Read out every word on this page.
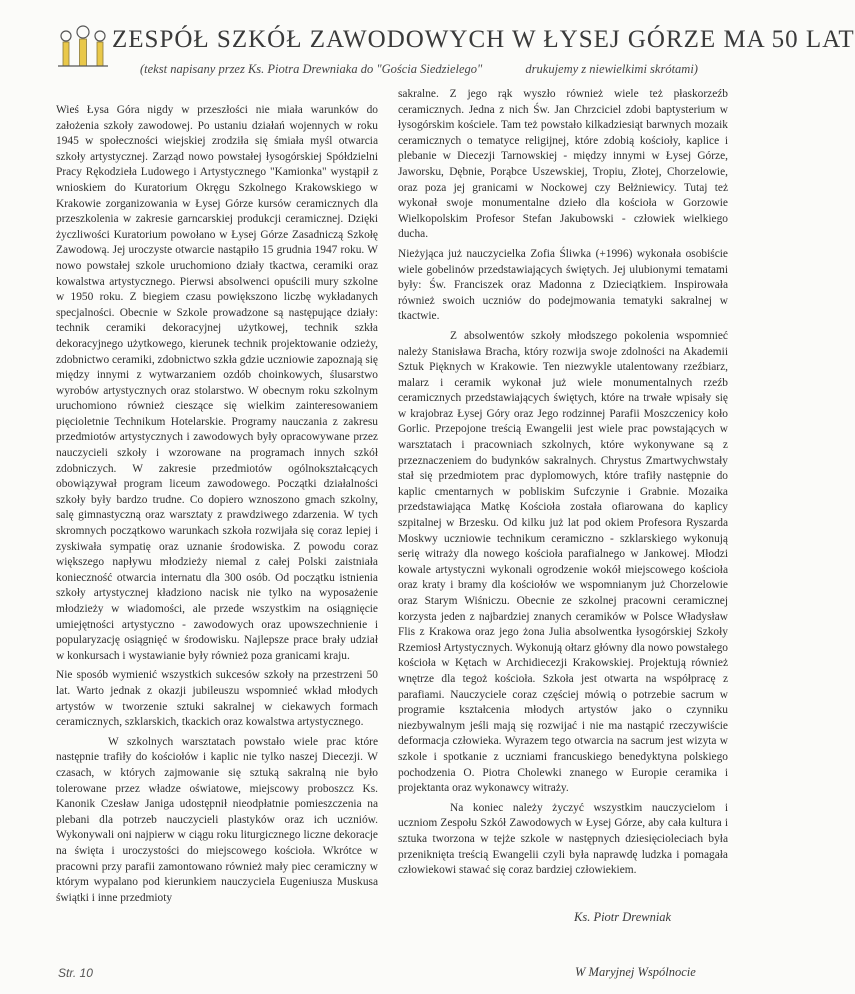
ZESPÓŁ SZKÓŁ ZAWODOWYCH W ŁYSEJ GÓRZE MA 50 LAT
(tekst napisany przez Ks. Piotra Drewniaka do "Gościa Siedzielego"	drukujemy z niewielkimi skrótami)

Wieś Łysa Góra nigdy w przeszłości nie miała warunków do założenia szkoły zawodowej. Po ustaniu działań wojennych w roku 1945 w społeczności wiejskiej zrodziła się śmiała myśl otwarcia szkoły artystycznej. Zarząd nowo powstałej łysogórskiej Spółdzielni Pracy Rękodzieła Ludowego i Artystycznego "Kamionka" wystąpił z wnioskiem do Kuratorium Okręgu Szkolnego Krakowskiego w Krakowie zorganizowania w Łysej Górze kursów ceramicznych dla przeszkolenia w zakresie garncarskiej produkcji ceramicznej. Dzięki życzliwości Kuratorium powołano w Łysej Górze Zasadniczą Szkołę Zawodową. Jej uroczyste otwarcie nastąpiło 15 grudnia 1947 roku. W nowo powstałej szkole uruchomiono działy tkactwa, ceramiki oraz kowalstwa artystycznego. Pierwsi absolwenci opuścili mury szkolne w 1950 roku. Z biegiem czasu powiększono liczbę wykładanych specjalności. Obecnie w Szkole prowadzone są następujące działy: technik ceramiki dekoracyjnej użytkowej, technik szkła dekoracyjnego użytkowego, kierunek technik projektowanie odzieży, zdobnictwo ceramiki, zdobnictwo szkła gdzie uczniowie zapoznają się między innymi z wytwarzaniem ozdób choinkowych, ślusarstwo wyrobów artystycznych oraz stolarstwo. W obecnym roku szkolnym uruchomiono również cieszące się wielkim zainteresowaniem pięcioletnie Technikum Hotelarskie. Programy nauczania z zakresu przedmiotów artystycznych i zawodowych były opracowywane przez nauczycieli szkoły i wzorowane na programach innych szkół zdobniczych. W zakresie przedmiotów ogólnokształcących obowiązywał program liceum zawodowego. Początki działalności szkoły były bardzo trudne. Co dopiero wznoszono gmach szkolny, salę gimnastyczną oraz warsztaty z prawdziwego zdarzenia. W tych skromnych początkowo warunkach szkoła rozwijała się coraz lepiej i zyskiwała sympatię oraz uznanie środowiska. Z powodu coraz większego napływu młodzieży niemal z całej Polski zaistniała konieczność otwarcia internatu dla 300 osób. Od początku istnienia szkoły artystycznej kładziono nacisk nie tylko na wyposażenie młodzieży w wiadomości, ale przede wszystkim na osiągnięcie umiejętności artystyczno - zawodowych oraz upowszechnienie i popularyzację osiągnięć w środowisku. Najlepsze prace brały udział w konkursach i wystawianie były również poza granicami kraju.

Nie sposób wymienić wszystkich sukcesów szkoły na przestrzeni 50 lat. Warto jednak z okazji jubileuszu wspomnieć wkład młodych artystów w tworzenie sztuki sakralnej w ciekawych formach ceramicznych, szklarskich, tkackich oraz kowalstwa artystycznego.

W szkolnych warsztatach powstało wiele prac które następnie trafiły do kościołów i kaplic nie tylko naszej Diecezji. W czasach, w których zajmowanie się sztuką sakralną nie było tolerowane przez władze oświatowe, miejscowy proboszcz Ks. Kanonik Czesław Janiga udostępnił nieodpłatnie pomieszczenia na plebani dla potrzeb nauczycieli plastyków oraz ich uczniów. Wykonywali oni najpierw w ciągu roku liturgicznego liczne dekoracje na święta i uroczystości do miejscowego kościoła. Wkrótce w pracowni przy parafii zamontowano również mały piec ceramiczny w którym wypalano pod kierunkiem nauczyciela Eugeniusza Muskusa świątki i inne przedmioty

sakralne. Z jego rąk wyszło również wiele też płaskorzeźb ceramicznych. Jedna z nich Św. Jan Chrzciciel zdobi baptysterium w łysogórskim kościele. Tam też powstało kilkadziesiąt barwnych mozaik ceramicznych o tematyce religijnej, które zdobią kościoły, kaplice i plebanie w Diecezji Tarnowskiej - między innymi w Łysej Górze, Jaworsku, Dębnie, Porąbce Uszewskiej, Tropiu, Złotej, Chorzelowie, oraz poza jej granicami w Nockowej czy Bełżniewicy. Tutaj też wykonał swoje monumentalne dzieło dla kościoła w Gorzowie Wielkopolskim Profesor Stefan Jakubowski - człowiek wielkiego ducha.

Nieżyjąca już nauczycielka Zofia Śliwka (+1996) wykonała osobiście wiele gobelinów przedstawiających świętych. Jej ulubionymi tematami były: Św. Franciszek oraz Madonna z Dzieciątkiem. Inspirowała również swoich uczniów do podejmowania tematyki sakralnej w tkactwie.

Z absolwentów szkoły młodszego pokolenia wspomnieć należy Stanisława Bracha, który rozwija swoje zdolności na Akademii Sztuk Pięknych w Krakowie. Ten niezwykle utalentowany rzeźbiarz, malarz i ceramik wykonał już wiele monumentalnych rzeźb ceramicznych przedstawiających świętych, które na trwałe wpisały się w krajobraz Łysej Góry oraz Jego rodzinnej Parafii Moszczenicy koło Gorlic. Przepojone treścią Ewangelii jest wiele prac powstających w warsztatach i pracowniach szkolnych, które wykonywane są z przeznaczeniem do budynków sakralnych. Chrystus Zmartwychwstały stał się przedmiotem prac dyplomowych, które trafiły następnie do kaplic cmentarnych w pobliskim Sufczynie i Grabnie. Mozaika przedstawiająca Matkę Kościoła została ofiarowana do kaplicy szpitalnej w Brzesku. Od kilku już lat pod okiem Profesora Ryszarda Moskwy uczniowie technikum ceramiczno - szklarskiego wykonują serię witraży dla nowego kościoła parafialnego w Jankowej. Młodzi kowale artystyczni wykonali ogrodzenie wokół miejscowego kościoła oraz kraty i bramy dla kościołów we wspomnianym już Chorzelowie oraz Starym Wiśniczu. Obecnie ze szkolnej pracowni ceramicznej korzysta jeden z najbardziej znanych ceramików w Polsce Władysław Flis z Krakowa oraz jego żona Julia absolwentka łysogórskiej Szkoły Rzemiosł Artystycznych. Wykonują ołtarz główny dla nowo powstałego kościoła w Kętach w Archidiecezji Krakowskiej. Projektują również wnętrze dla tegoż kościoła. Szkoła jest otwarta na współpracę z parafiami. Nauczyciele coraz częściej mówią o potrzebie sacrum w programie kształcenia młodych artystów jako o czynniku niezbywalnym jeśli mają się rozwijać i nie ma nastąpić rzeczywiście deformacja człowieka. Wyrazem tego otwarcia na sacrum jest wizyta w szkole i spotkanie z uczniami francuskiego benedyktyna polskiego pochodzenia O. Piotra Cholewki znanego w Europie ceramika i projektanta oraz wykonawcy witraży.

Na koniec należy życzyć wszystkim nauczycielom i uczniom Zespołu Szkół Zawodowych w Łysej Górze, aby cała kultura i sztuka tworzona w tejże szkole w następnych dziesięcioleciach była przeniknięta treścią Ewangelii czyli była naprawdę ludzka i pomagała człowiekowi stawać się coraz bardziej człowiekiem.

Ks. Piotr Drewniak
Str. 10	W Maryjnej Wspólnocie
